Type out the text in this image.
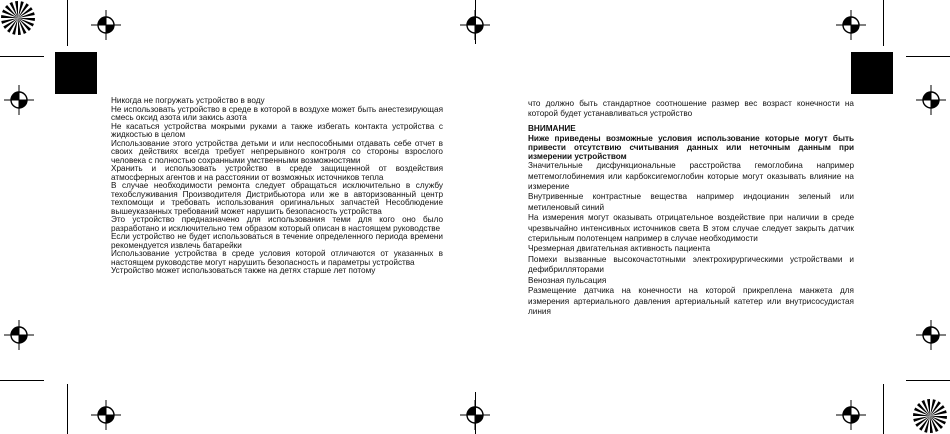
Никогда не погружать устройство в воду

Не использовать устройство в среде в которой в воздухе может быть анестезирующая смесь оксид азота или закись азота

Не касаться устройства мокрыми руками а также избегать контакта устройства с жидкостью в целом

Использование этого устройства детьми и или неспособными отдавать себе отчет в своих действиях всегда требует непрерывного контроля со стороны взрослого человека с полностью сохранными умственными возможностями

Хранить и использовать устройство в среде защищенной от воздействия атмосферных агентов и на расстоянии от возможных источников тепла

В случае необходимости ремонта следует обращаться исключительно в службу техобслуживания Производителя Дистрибьютора или же в авторизованный центр техпомощи и требовать использования оригинальных запчастей Несоблюдение вышеуказанных требований может нарушить безопасность устройства

Это устройство предназначено для использования теми для кого оно было разработано и исключительно тем образом который описан в настоящем руководстве

Если устройство не будет использоваться в течение определенного периода времени рекомендуется извлечь батарейки

Использование устройства в среде условия которой отличаются от указанных в настоящем руководстве могут нарушить безопасность и параметры устройства

Устройство может использоваться также на детях старше лет потому

что должно быть стандартное соотношение размер вес возраст конечности на которой будет устанавливаться устройство

ВНИМАНИЕ

Ниже приведены возможные условия использование которые могут быть привести отсутствию считывания данных или неточным данным при измерении устройством

Значительные дисфункциональные расстройства гемоглобина например метгемоглобинемия или карбоксигемоглобин которые могут оказывать влияние на измерение

Внутривенные контрастные вещества например индоцианин зеленый или метиленовый синий

На измерения могут оказывать отрицательное воздействие при наличии в среде чрезвычайно интенсивных источников света В этом случае следует закрыть датчик стерильным полотенцем например в случае необходимости

Чрезмерная двигательная активность пациента

Помехи вызванные высокочастотными электрохирургическими устройствами и дефибрилляторами

Венозная пульсация

Размещение датчика на конечности на которой прикреплена манжета для измерения артериального давления артериальный катетер или внутрисосудистая линия
